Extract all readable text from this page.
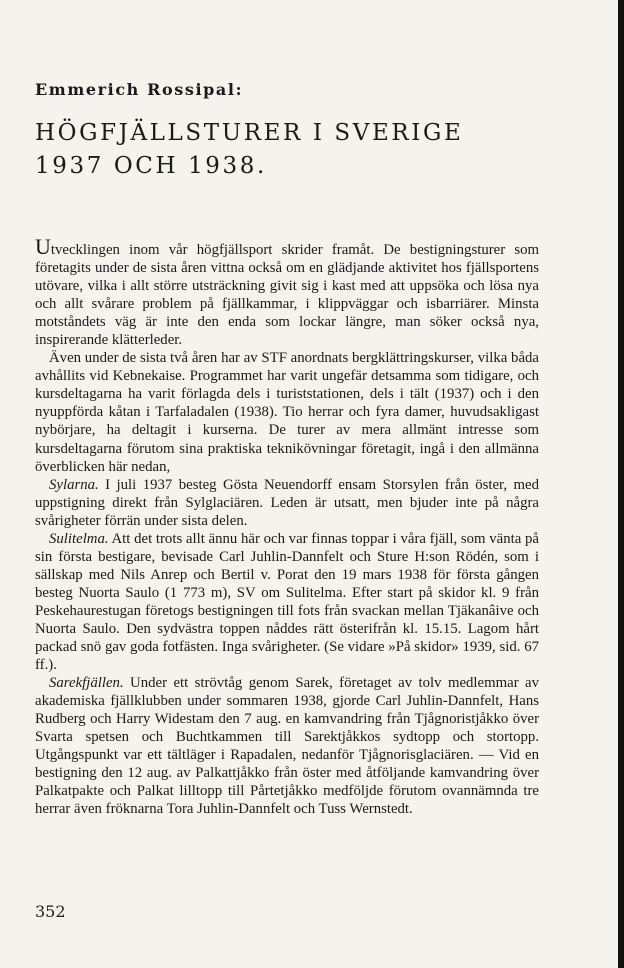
Emmerich Rossipal:

HÖGFJÄLLSTURER I SVERIGE
1937 OCH 1938.

Utvecklingen inom vår högfjällsport skrider framåt. De bestigningsturer som företagits under de sista åren vittna också om en glädjande aktivitet hos fjällsportens utövare, vilka i allt större utsträckning givit sig i kast med att uppsöka och lösa nya och allt svårare problem på fjällkammar, i klippväggar och isbarriärer. Minsta motståndets väg är inte den enda som lockar längre, man söker också nya, inspirerande klätterleder.

Även under de sista två åren har av STF anordnats bergklättringskurser, vilka båda avhållits vid Kebnekaise. Programmet har varit ungefär detsamma som tidigare, och kursdeltagarna ha varit förlagda dels i turiststationen, dels i tält (1937) och i den nyuppförda kåtan i Tarfaladalen (1938). Tio herrar och fyra damer, huvudsakligast nybörjare, ha deltagit i kurserna. De turer av mera allmänt intresse som kursdeltagarna förutom sina praktiska teknikövningar företagit, ingå i den allmänna överblicken här nedan,

Sylarna. I juli 1937 besteg Gösta Neuendorff ensam Storsylen från öster, med uppstigning direkt från Sylglaciären. Leden är utsatt, men bjuder inte på några svårigheter förrän under sista delen.

Sulitelma. Att det trots allt ännu här och var finnas toppar i våra fjäll, som vänta på sin första bestigare, bevisade Carl Juhlin-Dannfelt och Sture H:son Rödén, som i sällskap med Nils Anrep och Bertil v. Porat den 19 mars 1938 för första gången besteg Nuorta Saulo (1 773 m), SV om Sulitelma. Efter start på skidor kl. 9 från Peskehaurestugan företogs bestigningen till fots från svackan mellan Tjäkanâive och Nuorta Saulo. Den sydvästra toppen nåddes rätt österifrån kl. 15.15. Lagom hårt packad snö gav goda fotfästen. Inga svårigheter. (Se vidare »På skidor» 1939, sid. 67 ff.).

Sarekfjällen. Under ett strövtåg genom Sarek, företaget av tolv medlemmar av akademiska fjällklubben under sommaren 1938, gjorde Carl Juhlin-Dannfelt, Hans Rudberg och Harry Widestam den 7 aug. en kamvandring från Tjågnoristjåkko över Svarta spetsen och Buchtkammen till Sarektjåkkos sydtopp och stortopp. Utgångspunkt var ett tältläger i Rapadalen, nedanför Tjågnorisglaciären. — Vid en bestigning den 12 aug. av Palkattjåkko från öster med åtföljande kamvandring över Palkatpakte och Palkat lilltopp till Pårtetjåkko medföljde förutom ovannämnda tre herrar även fröknarna Tora Juhlin-Dannfelt och Tuss Wernstedt.

352
